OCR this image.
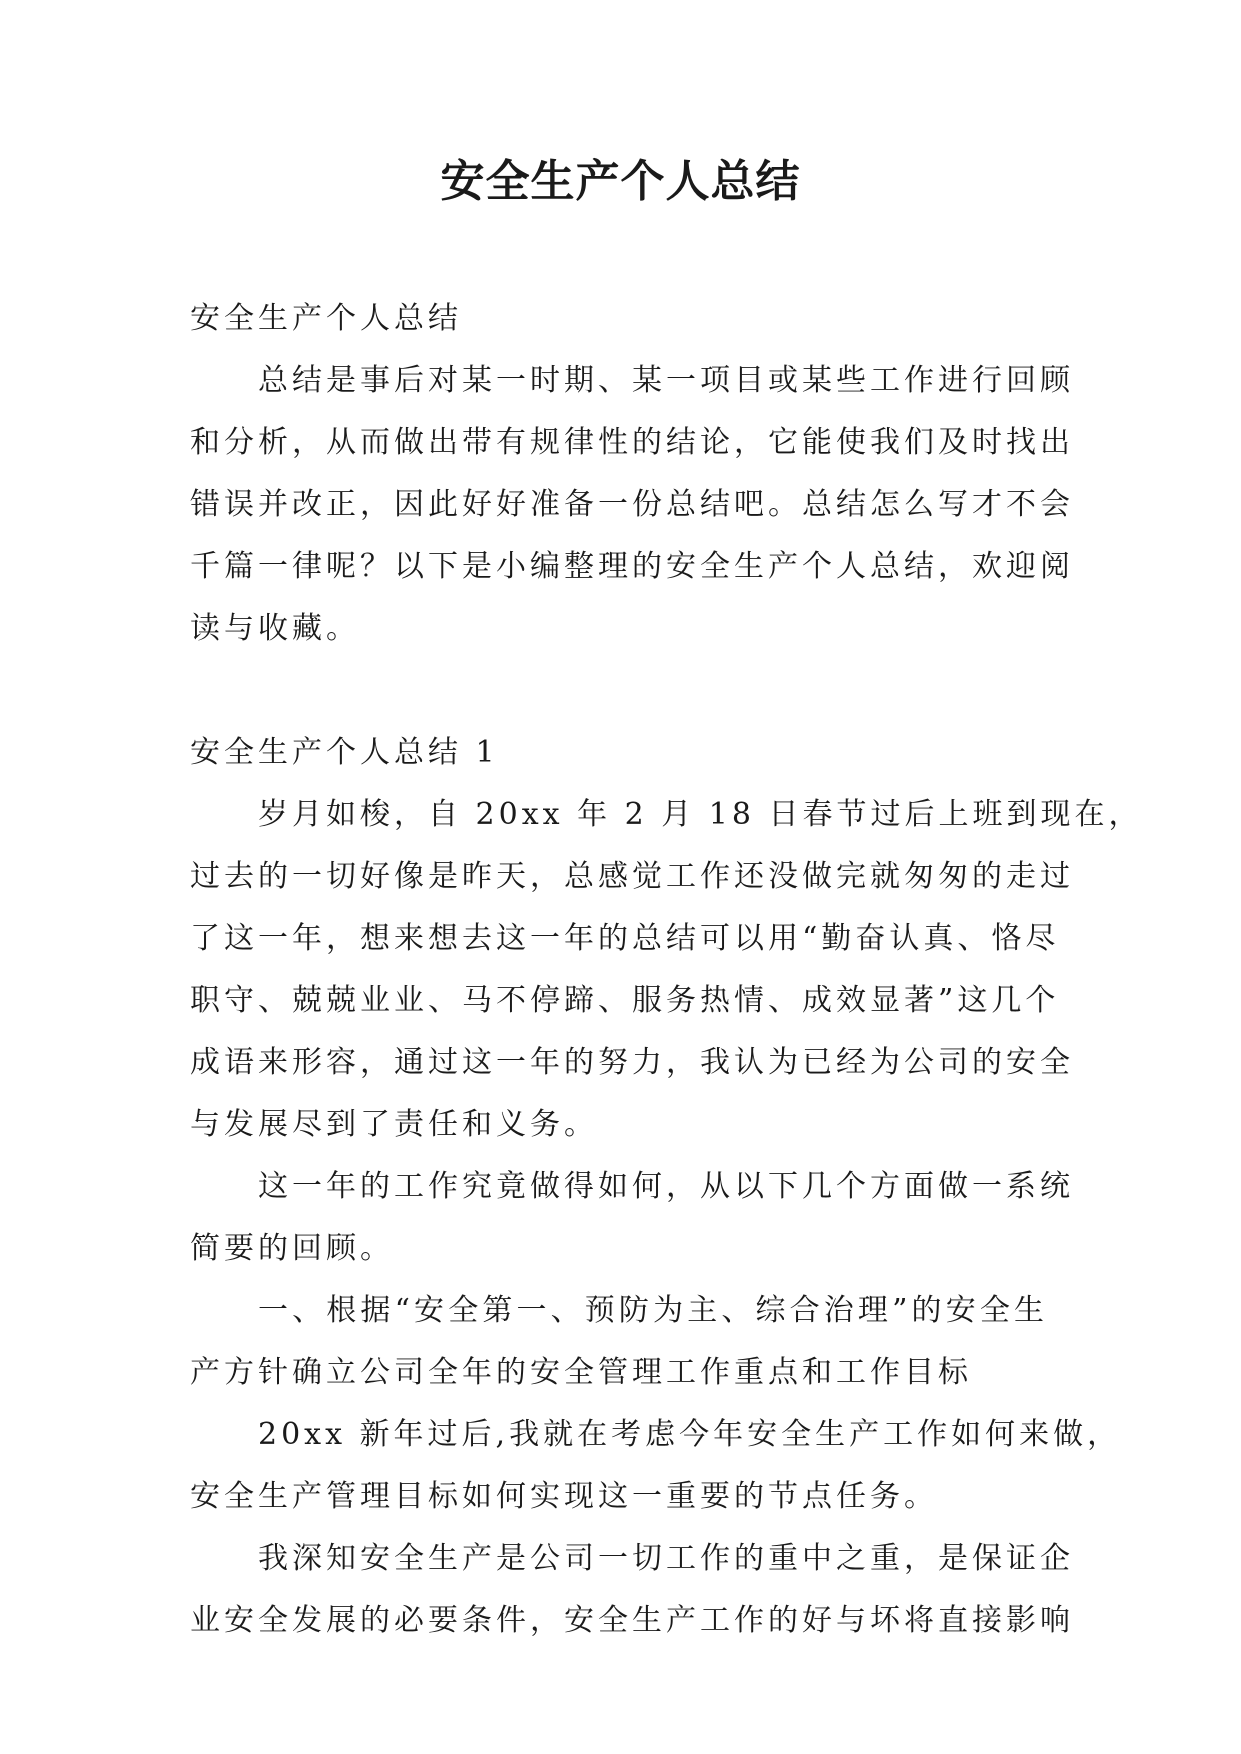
安全生产个人总结
安全生产个人总结
总结是事后对某一时期、某一项目或某些工作进行回顾
和分析，从而做出带有规律性的结论，它能使我们及时找出
错误并改正，因此好好准备一份总结吧。总结怎么写才不会
千篇一律呢？以下是小编整理的安全生产个人总结，欢迎阅
读与收藏。
安全生产个人总结 1
岁月如梭，自 20xx 年 2 月 18 日春节过后上班到现在，
过去的一切好像是昨天，总感觉工作还没做完就匆匆的走过
了这一年，想来想去这一年的总结可以用“勤奋认真、恪尽
职守、兢兢业业、马不停蹄、服务热情、成效显著”这几个
成语来形容，通过这一年的努力，我认为已经为公司的安全
与发展尽到了责任和义务。
这一年的工作究竟做得如何，从以下几个方面做一系统
简要的回顾。
一、根据“安全第一、预防为主、综合治理”的安全生
产方针确立公司全年的安全管理工作重点和工作目标
20xx 新年过后,我就在考虑今年安全生产工作如何来做，
安全生产管理目标如何实现这一重要的节点任务。
我深知安全生产是公司一切工作的重中之重，是保证企
业安全发展的必要条件，安全生产工作的好与坏将直接影响
